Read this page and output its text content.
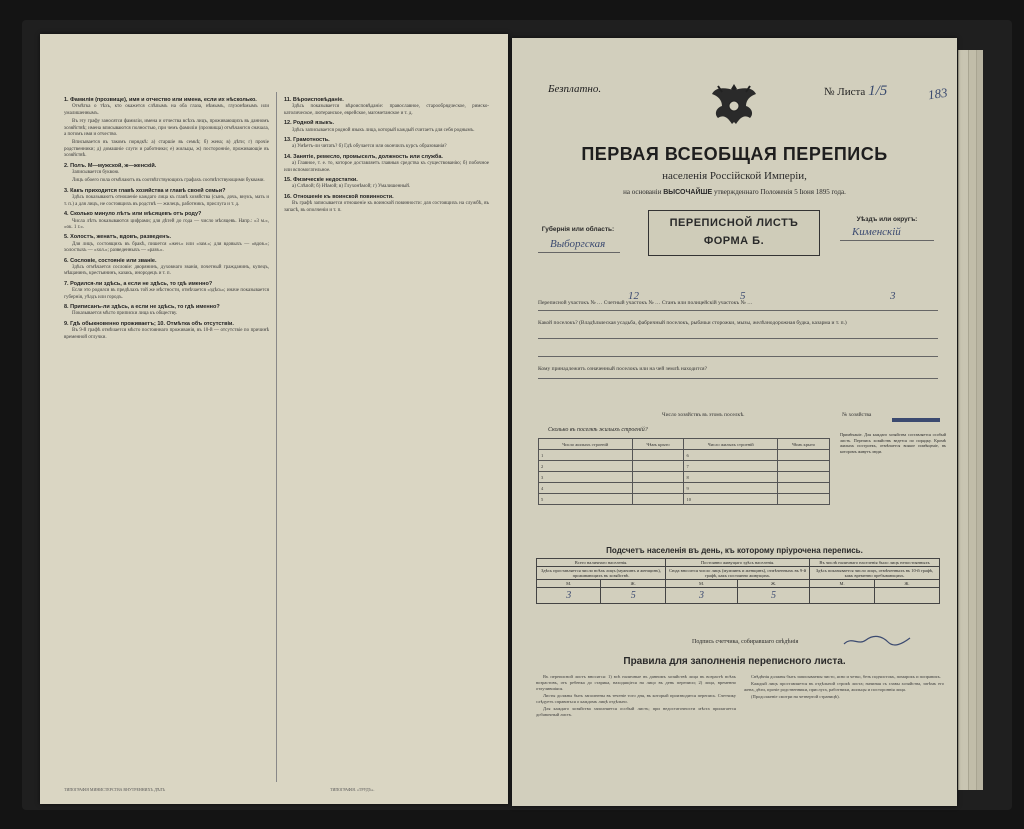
1. Фамилія (прозвище), имя и отчество или именa, если их нѣсколько.

Отмѣтка о тѣхъ, кто окажется слѣпымъ на оба глаза, нѣмымъ, глухонѣмымъ или умалишеннымъ.

Въ эту графу заносятся фамиліи, имена и отчества всѣхъ лицъ, проживающихъ въ данномъ хозяйствѣ; имена вписываются полностью, при чемъ фамиліи (прозвища) отмѣчаются сначала, а потомъ имя и отчество.

Вписывается въ такомъ порядкѣ: а) старшіе въ семьѣ; б) жена; в) дѣти; г) прочіе родственники; д) домашніе слуги и работники; е) жильцы, ж) посторонніе, проживающіе въ хозяйствѣ.

2. Полъ. М—мужской, ж—женскій.

Записывается буквою.

Лицъ обоего пола отмѣчаютъ въ соотвѣтствующихъ графахъ соотвѣтствующими буквами.

3. Какъ приходится главѣ хозяйства и главѣ своей семьи?

Здѣсь показываютъ отношеніе каждаго лица къ главѣ хозяйства (сынъ, дочь, внукъ, мать и т. п.) а для лицъ, не состоящихъ въ родствѣ — жилецъ, работникъ, прислуга и т. д.

4. Сколько минуло лѣтъ или мѣсяцевъ отъ роду?

Числа лѣтъ показываются цифрами; для дѣтей до года — число мѣсяцевъ. Напр.: «3 м.», «ок. 1 г.».

5. Холостъ, женатъ, вдовъ, разведенъ.

Для лицъ, состоящихъ въ бракѣ, пишется «жен.» или «зам.»; для вдовыхъ — «вдов.»; холостыхъ — «хол.»; разведенныхъ — «разв.».

6. Сословіе, состояніе или званіе.

Здѣсь отмѣчается сословіе: дворянинъ, духовнаго званія, почетный гражданинъ, купецъ, мѣщанинъ, крестьянинъ, казакъ, инородецъ и т. п.

7. Родился-ли здѣсь, а если не здѣсь, то гдѣ именно?

Если это родился въ предѣлахъ той же мѣстности, отмѣчается «здѣсь»; иначе показывается губернія, уѣздъ или городъ.

8. Приписанъ-ли здѣсь, а если не здѣсь, то гдѣ именно?

Показывается мѣсто приписки лица къ обществу.

9. Гдѣ обыкновенно проживаетъ; 10. Отмѣтка объ отсутствіи.

Въ 9-й графѣ отмѣчается мѣсто постояннаго проживанія, въ 10-й — отсутствіе по причинѣ временной отлучки.

11. Вѣроисповѣданіе.

Здѣсь показывается вѣроисповѣданіе: православное, старообрядческое, римско-католическое, лютеранское, еврейское, магометанское и т. д.

12. Родной языкъ.

Здѣсь записывается родной языкъ лица, который каждый считаетъ для себя роднымъ.

13. Грамотность.

а) Умѣетъ-ли читать? б) Гдѣ обучается или окончилъ курсъ образованія?

14. Занятіе, ремесло, промыселъ, должность или служба.

а) Главное, т. е. то, которое доставляетъ главныя средства къ существованію; б) побочное или вспомогательное.

15. Физическіе недостатки.

а) Слѣпой; б) Нѣмой; в) Глухонѣмой; г) Умалишенный.

16. Отношеніе къ воинской повинности.

Въ графѣ записывается отношеніе къ воинской повинности: для состоящихъ на службѣ, въ запасѣ, въ ополченіи и т. п.

ТИПОГРАФІЯ МИНИСТЕРСТВА ВНУТРЕННИХЪ ДѢЛЪ	ТИПОГРАФІЯ. «ТРУДЪ».
Безплатно.	№ Листа 1/5	183
ПЕРВАЯ ВСЕОБЩАЯ ПЕРЕПИСЬ
населенія Россійской Имперіи,
на основаніи ВЫСОЧАЙШЕ утвержденнаго Положенія 5 Іюня 1895 года.
Губернія или область:
Выборгская
ПЕРЕПИСНОЙ ЛИСТЪ
ФОРМА Б.
Уѣздъ или округъ:
Кименскій
Переписной участокъ № … Счетный участокъ № … Станъ или полицейскій участокъ № …
12	5	3
Какой поселокъ? (Владѣльческая усадьба, фабричный поселокъ, рыбачьи сторожки, мызы, желѣзнодорожная будка, казарма и т. п.)
Кому принадлежитъ означенный поселокъ или на чей землѣ находится?
Число хозяйствъ въ этомъ поселкѣ.	№ хозяйства
Сколько въ поселкѣ жилыхъ строеній?
Число жилыхъ строеній	Чѣмъ крыто	Число жилыхъ строеній	Чѣмъ крыто
1		6	
2		7	
3		8	
4		9	
5		10	
Примѣчаніе. Для каждаго хозяйства составляется особый листъ. Перепись хозяйствъ ведется по порядку. Кромѣ жилыхъ построекъ, отмѣчается всякое помѣщеніе, въ которомъ живутъ люди.
Подсчетъ населенія въ день, къ которому пріурочена перепись.
Всего наличнаго населенія.		Постоянно живущаго здѣсь населенія.		Въ числѣ наличнаго населенія было лицъ непостоянныхъ	
Здѣсь проставляется число всѣхъ лицъ (мужчинъ и женщинъ), проживающихъ въ хозяйствѣ.		Сюда вносится число лицъ (мужчинъ и женщинъ), отмѣченныхъ въ 9-й графѣ, какъ постоянно живущихъ.		Здѣсь показывается число лицъ, отмѣченныхъ въ 10-й графѣ, какъ временно пребывающихъ.	
М.	Ж.	М.	Ж.	М.	Ж.
3	5	3	5		
Подпись счетчика, собиравшаго свѣдѣнія
Правила для заполненія переписного листа.

Въ переписной листъ вносятся: 1) всѣ наличные въ данномъ хозяйствѣ лица въ возрастѣ всѣхъ возрастовъ, отъ ребенка до старика, находящіеся на лицо въ день переписи; 2) лица, временно отлучившіяся.

Листы должны быть заполнены въ теченіе того дня, въ который производится перепись. Счетчику слѣдуетъ справиться о каждомъ лицѣ отдѣльно.

Для каждаго хозяйства заполняется особый листъ; при недостаточности мѣста прилагается добавочный листъ.

Свѣдѣнія должны быть записываемы чисто, ясно и четко, безъ подчистокъ, помарокъ и поправокъ.

Каждый лицъ проставляется въ отдѣльной строкѣ листа; начиная съ главы хозяйства, затѣмъ его жена, дѣти, прочіе родственники, прислуга, работники, жильцы и постороннія лица.

(Продолженіе смотри на четвертой страницѣ).
